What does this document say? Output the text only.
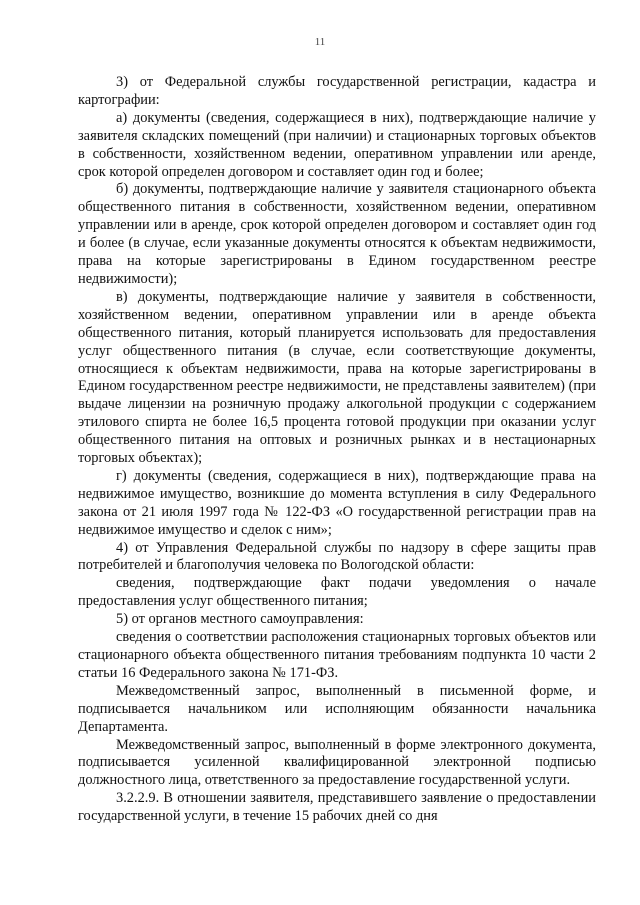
11

3) от Федеральной службы государственной регистрации, кадастра и картографии:

а) документы (сведения, содержащиеся в них), подтверждающие наличие у заявителя складских помещений (при наличии) и стационарных торговых объектов в собственности, хозяйственном ведении, оперативном управлении или аренде, срок которой определен договором и составляет один год и более;

б) документы, подтверждающие наличие у заявителя стационарного объекта общественного питания в собственности, хозяйственном ведении, оперативном управлении или в аренде, срок которой определен договором и составляет один год и более (в случае, если указанные документы относятся к объектам недвижимости, права на которые зарегистрированы в Едином государственном реестре недвижимости);

в) документы, подтверждающие наличие у заявителя в собственности, хозяйственном ведении, оперативном управлении или в аренде объекта общественного питания, который планируется использовать для предоставления услуг общественного питания (в случае, если соответствующие документы, относящиеся к объектам недвижимости, права на которые зарегистрированы в Едином государственном реестре недвижимости, не представлены заявителем) (при выдаче лицензии на розничную продажу алкогольной продукции с содержанием этилового спирта не более 16,5 процента готовой продукции при оказании услуг общественного питания на оптовых и розничных рынках и в нестационарных торговых объектах);

г) документы (сведения, содержащиеся в них), подтверждающие права на недвижимое имущество, возникшие до момента вступления в силу Федерального закона от 21 июля 1997 года № 122-ФЗ «О государственной регистрации прав на недвижимое имущество и сделок с ним»;

4) от Управления Федеральной службы по надзору в сфере защиты прав потребителей и благополучия человека по Вологодской области:

сведения, подтверждающие факт подачи уведомления о начале предоставления услуг общественного питания;

5) от органов местного самоуправления:

сведения о соответствии расположения стационарных торговых объектов или стационарного объекта общественного питания требованиям подпункта 10 части 2 статьи 16 Федерального закона № 171-ФЗ.

Межведомственный запрос, выполненный в письменной форме, и подписывается начальником или исполняющим обязанности начальника Департамента.

Межведомственный запрос, выполненный в форме электронного документа, подписывается усиленной квалифицированной электронной подписью должностного лица, ответственного за предоставление государственной услуги.

3.2.2.9. В отношении заявителя, представившего заявление о предоставлении государственной услуги, в течение 15 рабочих дней со дня
